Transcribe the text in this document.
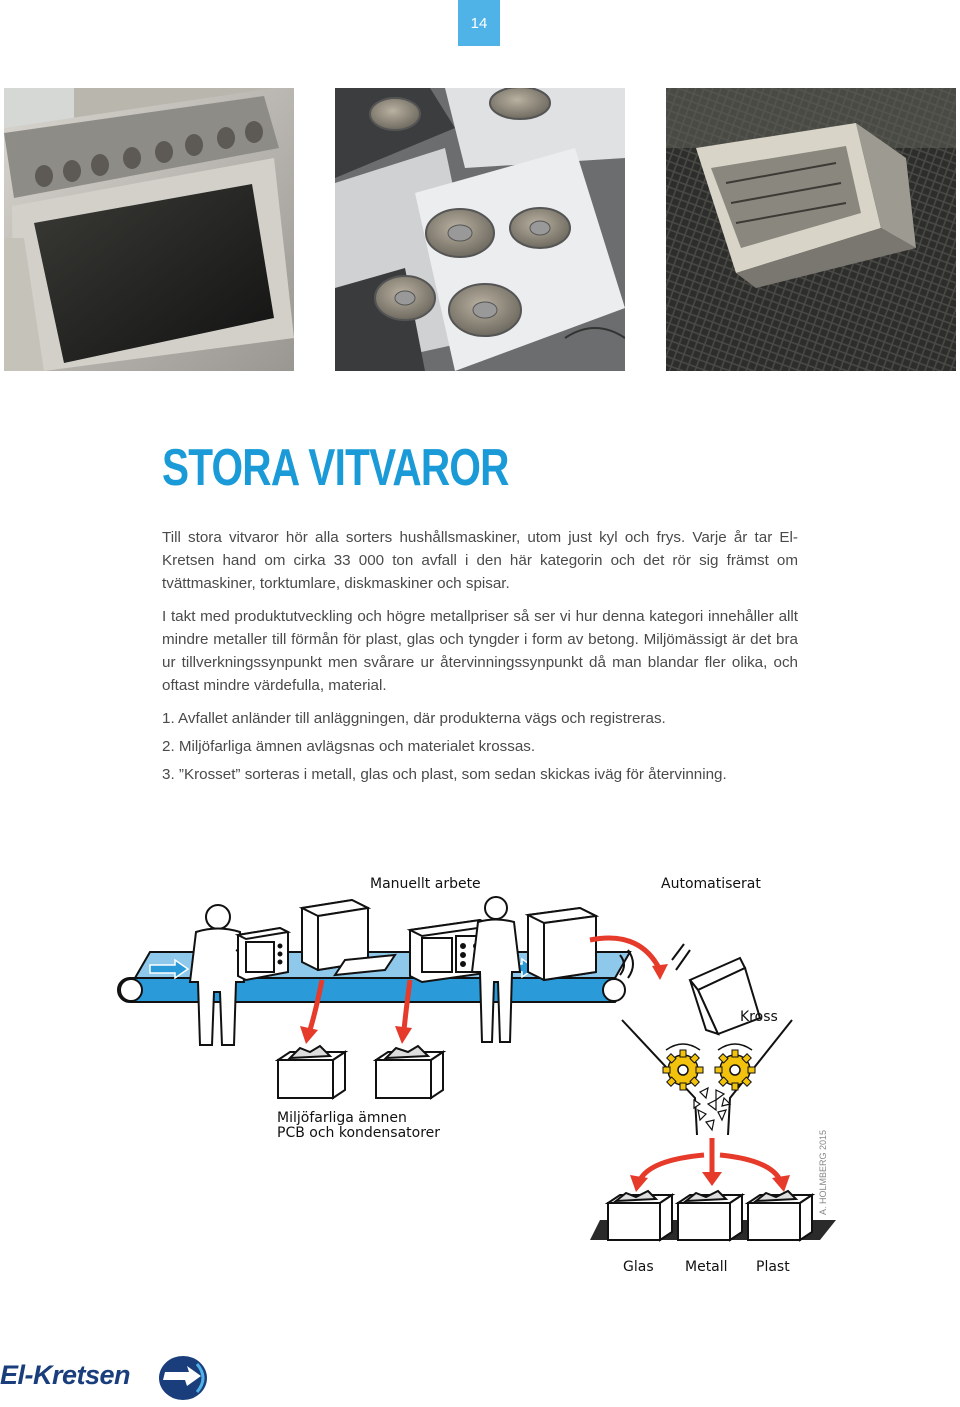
14
STORA VITVAROR

Till stora vitvaror hör alla sorters hushållsmaskiner, utom just kyl och frys. Varje år tar El-Kretsen hand om cirka 33 000 ton avfall i den här kategorin och det rör sig främst om tvättmaskiner, torktumlare, diskmaskiner och spisar.

I takt med produktutveckling och högre metallpriser så ser vi hur denna kategori innehåller allt mindre metaller till förmån för plast, glas och tyngder i form av betong. Miljömässigt är det bra ur tillverkningssynpunkt men svårare ur återvinningssynpunkt då man blandar fler olika, och oftast mindre värdefulla, material.

1. Avfallet anländer till anläggningen, där produkterna vägs och registreras.

2. Miljöfarliga ämnen avlägsnas och materialet krossas.

3. ”Krosset” sorteras i metall, glas och plast, som sedan skickas iväg för återvinning.

Manuellt arbete	Automatiserat
Kross
Miljöfarliga ämnen
PCB och kondensatorer
Glas Metall Plast
A. HOLMBERG 2015
El-Kretsen
